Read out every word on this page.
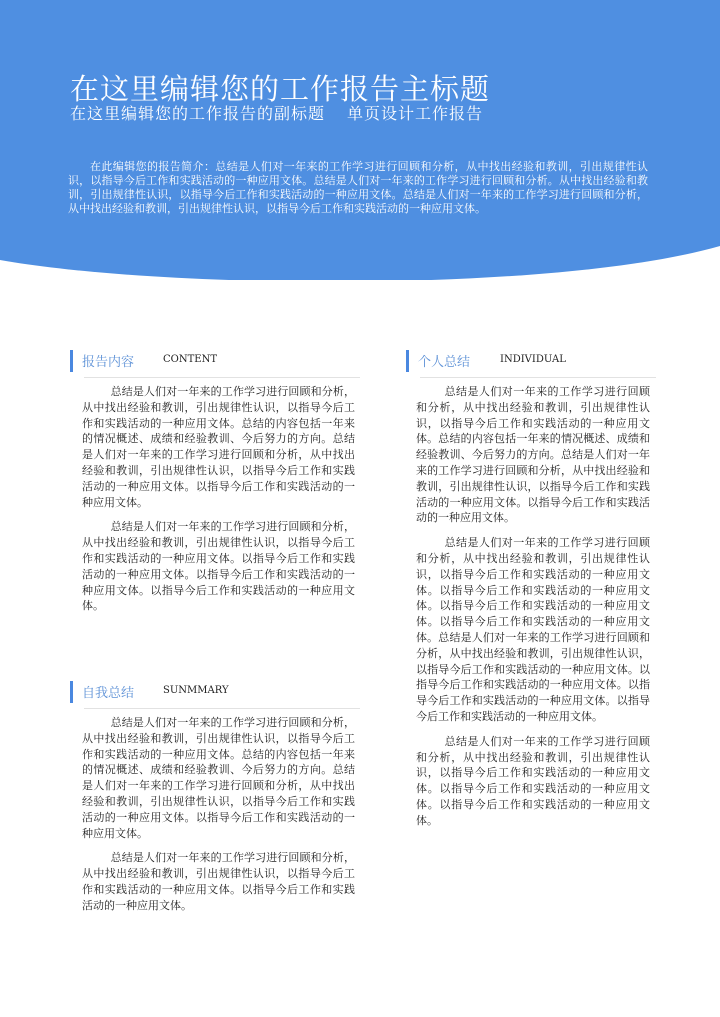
在这里编辑您的工作报告主标题
在这里编辑您的工作报告的副标题 单页设计工作报告
在此编辑您的报告简介：总结是人们对一年来的工作学习进行回顾和分析，从中找出经验和教训，引出规律性认识，以指导今后工作和实践活动的一种应用文体。总结是人们对一年来的工作学习进行回顾和分析。从中找出经验和教训，引出规律性认识，以指导今后工作和实践活动的一种应用文体。总结是人们对一年来的工作学习进行回顾和分析，从中找出经验和教训，引出规律性认识，以指导今后工作和实践活动的一种应用文体。
报告内容	CONTENT

总结是人们对一年来的工作学习进行回顾和分析，从中找出经验和教训，引出规律性认识，以指导今后工作和实践活动的一种应用文体。总结的内容包括一年来的情况概述、成绩和经验教训、今后努力的方向。总结是人们对一年来的工作学习进行回顾和分析，从中找出经验和教训，引出规律性认识，以指导今后工作和实践活动的一种应用文体。以指导今后工作和实践活动的一种应用文体。

总结是人们对一年来的工作学习进行回顾和分析，从中找出经验和教训，引出规律性认识，以指导今后工作和实践活动的一种应用文体。以指导今后工作和实践活动的一种应用文体。以指导今后工作和实践活动的一种应用文体。以指导今后工作和实践活动的一种应用文体。

自我总结	SUNMMARY

总结是人们对一年来的工作学习进行回顾和分析，从中找出经验和教训，引出规律性认识，以指导今后工作和实践活动的一种应用文体。总结的内容包括一年来的情况概述、成绩和经验教训、今后努力的方向。总结是人们对一年来的工作学习进行回顾和分析，从中找出经验和教训，引出规律性认识，以指导今后工作和实践活动的一种应用文体。以指导今后工作和实践活动的一种应用文体。

总结是人们对一年来的工作学习进行回顾和分析，从中找出经验和教训，引出规律性认识，以指导今后工作和实践活动的一种应用文体。以指导今后工作和实践活动的一种应用文体。

个人总结	INDIVIDUAL

总结是人们对一年来的工作学习进行回顾和分析，从中找出经验和教训，引出规律性认识，以指导今后工作和实践活动的一种应用文体。总结的内容包括一年来的情况概述、成绩和经验教训、今后努力的方向。总结是人们对一年来的工作学习进行回顾和分析，从中找出经验和教训，引出规律性认识，以指导今后工作和实践活动的一种应用文体。以指导今后工作和实践活动的一种应用文体。

总结是人们对一年来的工作学习进行回顾和分析，从中找出经验和教训，引出规律性认识，以指导今后工作和实践活动的一种应用文体。以指导今后工作和实践活动的一种应用文体。以指导今后工作和实践活动的一种应用文体。以指导今后工作和实践活动的一种应用文体。总结是人们对一年来的工作学习进行回顾和分析，从中找出经验和教训，引出规律性认识，以指导今后工作和实践活动的一种应用文体。以指导今后工作和实践活动的一种应用文体。以指导今后工作和实践活动的一种应用文体。以指导今后工作和实践活动的一种应用文体。

总结是人们对一年来的工作学习进行回顾和分析，从中找出经验和教训，引出规律性认识，以指导今后工作和实践活动的一种应用文体。以指导今后工作和实践活动的一种应用文体。以指导今后工作和实践活动的一种应用文体。
